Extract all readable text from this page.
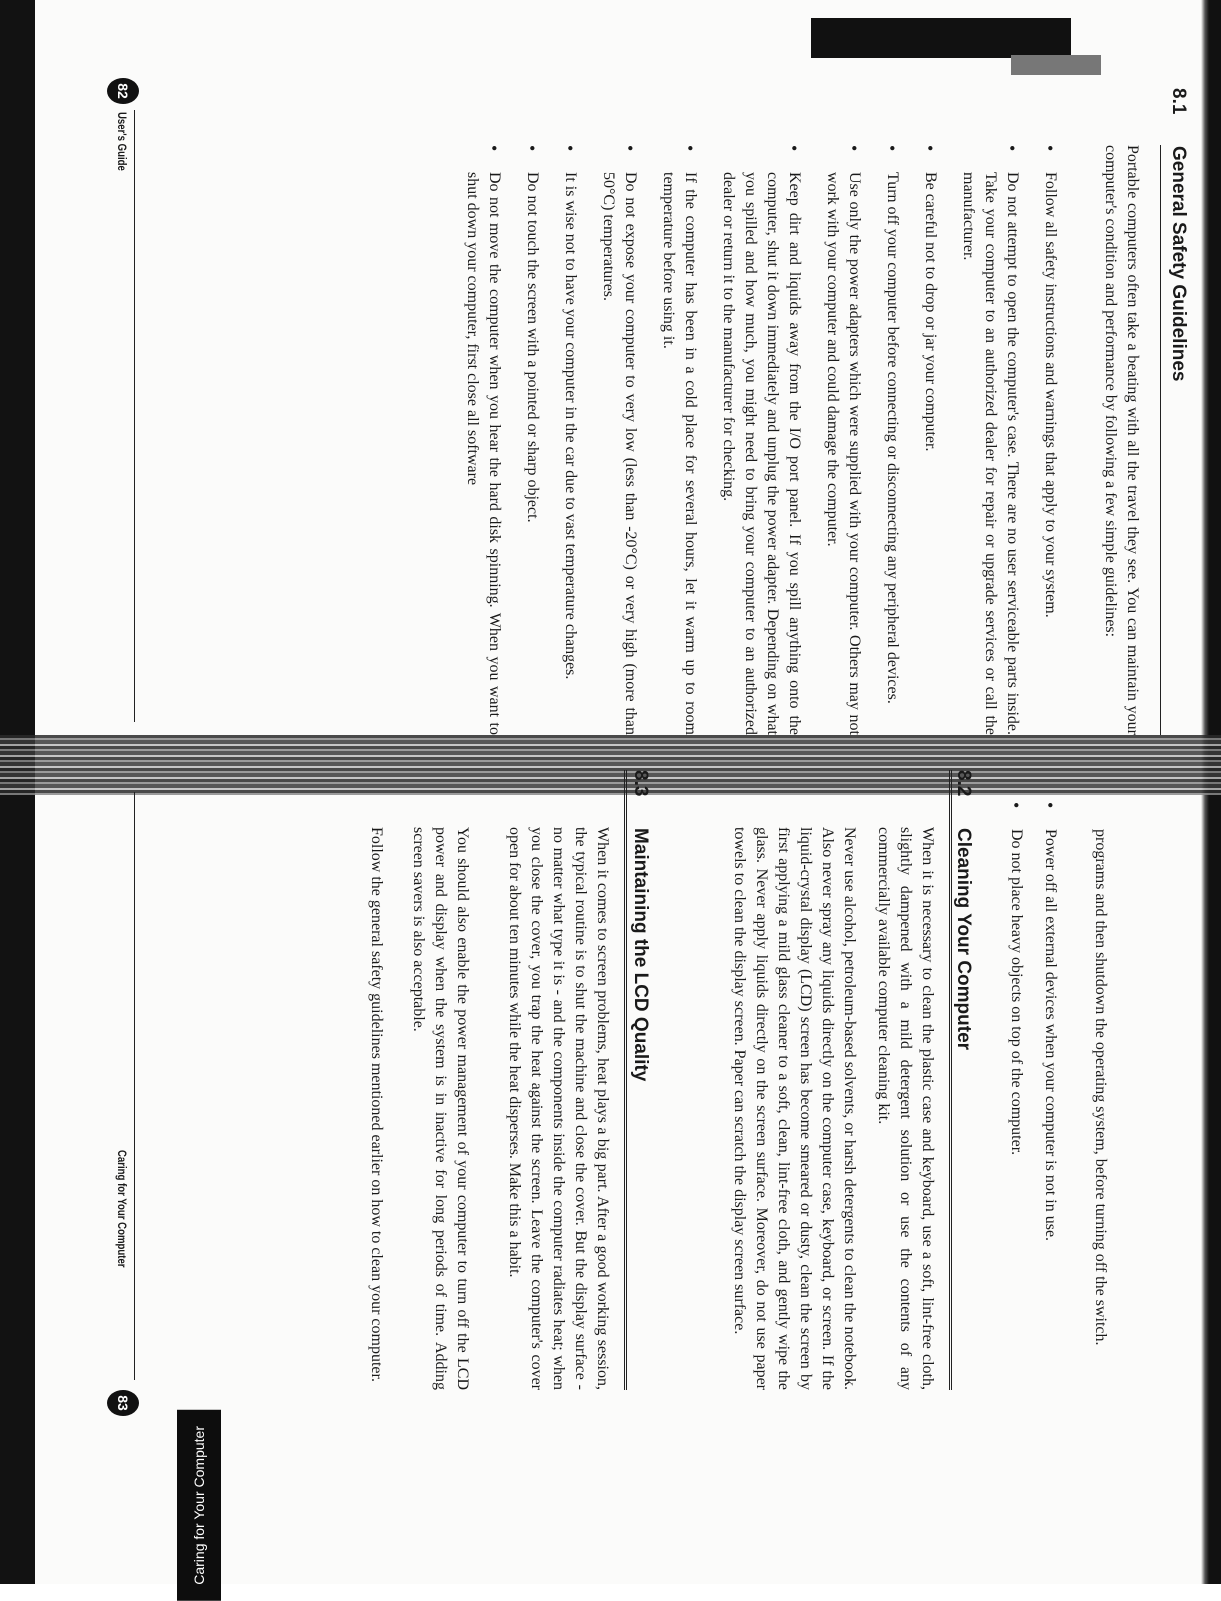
8.1
General Safety Guidelines
Portable computers often take a beating with all the travel they see. You can maintain your computer's condition and performance by following a few simple guidelines:
• Follow all safety instructions and warnings that apply to your system.
• Do not attempt to open the computer's case. There are no user serviceable parts inside. Take your computer to an authorized dealer for repair or upgrade services or call the manufacturer.
• Be careful not to drop or jar your computer.
• Turn off your computer before connecting or disconnecting any peripheral devices.
• Use only the power adapters which were supplied with your computer. Others may not work with your computer and could damage the computer.
• Keep dirt and liquids away from the I/O port panel. If you spill anything onto the computer, shut it down immediately and unplug the power adapter. Depending on what you spilled and how much, you might need to bring your computer to an authorized dealer or return it to the manufacturer for checking.
• If the computer has been in a cold place for several hours, let it warm up to room temperature before using it.
• Do not expose your computer to very low (less than -20°C) or very high (more than 50°C) temperatures.
• It is wise not to have your computer in the car due to vast temperature changes.
• Do not touch the screen with a pointed or sharp object.
• Do not move the computer when you hear the hard disk spinning. When you want to shut down your computer, first close all software
82
User's Guide
programs and then shutdown the operating system, before turning off the switch.
• Power off all external devices when your computer is not in use.
• Do not place heavy objects on top of the computer.
8.2
Cleaning Your Computer
When it is necessary to clean the plastic case and keyboard, use a soft, lint-free cloth, slightly dampened with a mild detergent solution or use the contents of any commercially available computer cleaning kit.
Never use alcohol, petroleum-based solvents, or harsh detergents to clean the notebook. Also never spray any liquids directly on the computer case, keyboard, or screen. If the liquid-crystal display (LCD) screen has become smeared or dusty, clean the screen by first applying a mild glass cleaner to a soft, clean, lint-free cloth, and gently wipe the glass. Never apply liquids directly on the screen surface. Moreover, do not use paper towels to clean the display screen. Paper can scratch the display screen surface.
8.3
Maintaining the LCD Quality
When it comes to screen problems, heat plays a big part. After a good working session, the typical routine is to shut the machine and close the cover. But the display surface - no matter what type it is - and the components inside the computer radiates heat; when you close the cover, you trap the heat against the screen. Leave the computer's cover open for about ten minutes while the heat disperses. Make this a habit.
You should also enable the power management of your computer to turn off the LCD power and display when the system is in inactive for long periods of time. Adding screen savers is also acceptable.
Follow the general safety guidelines mentioned earlier on how to clean your computer.
Caring for Your Computer
83
Caring for Your Computer
